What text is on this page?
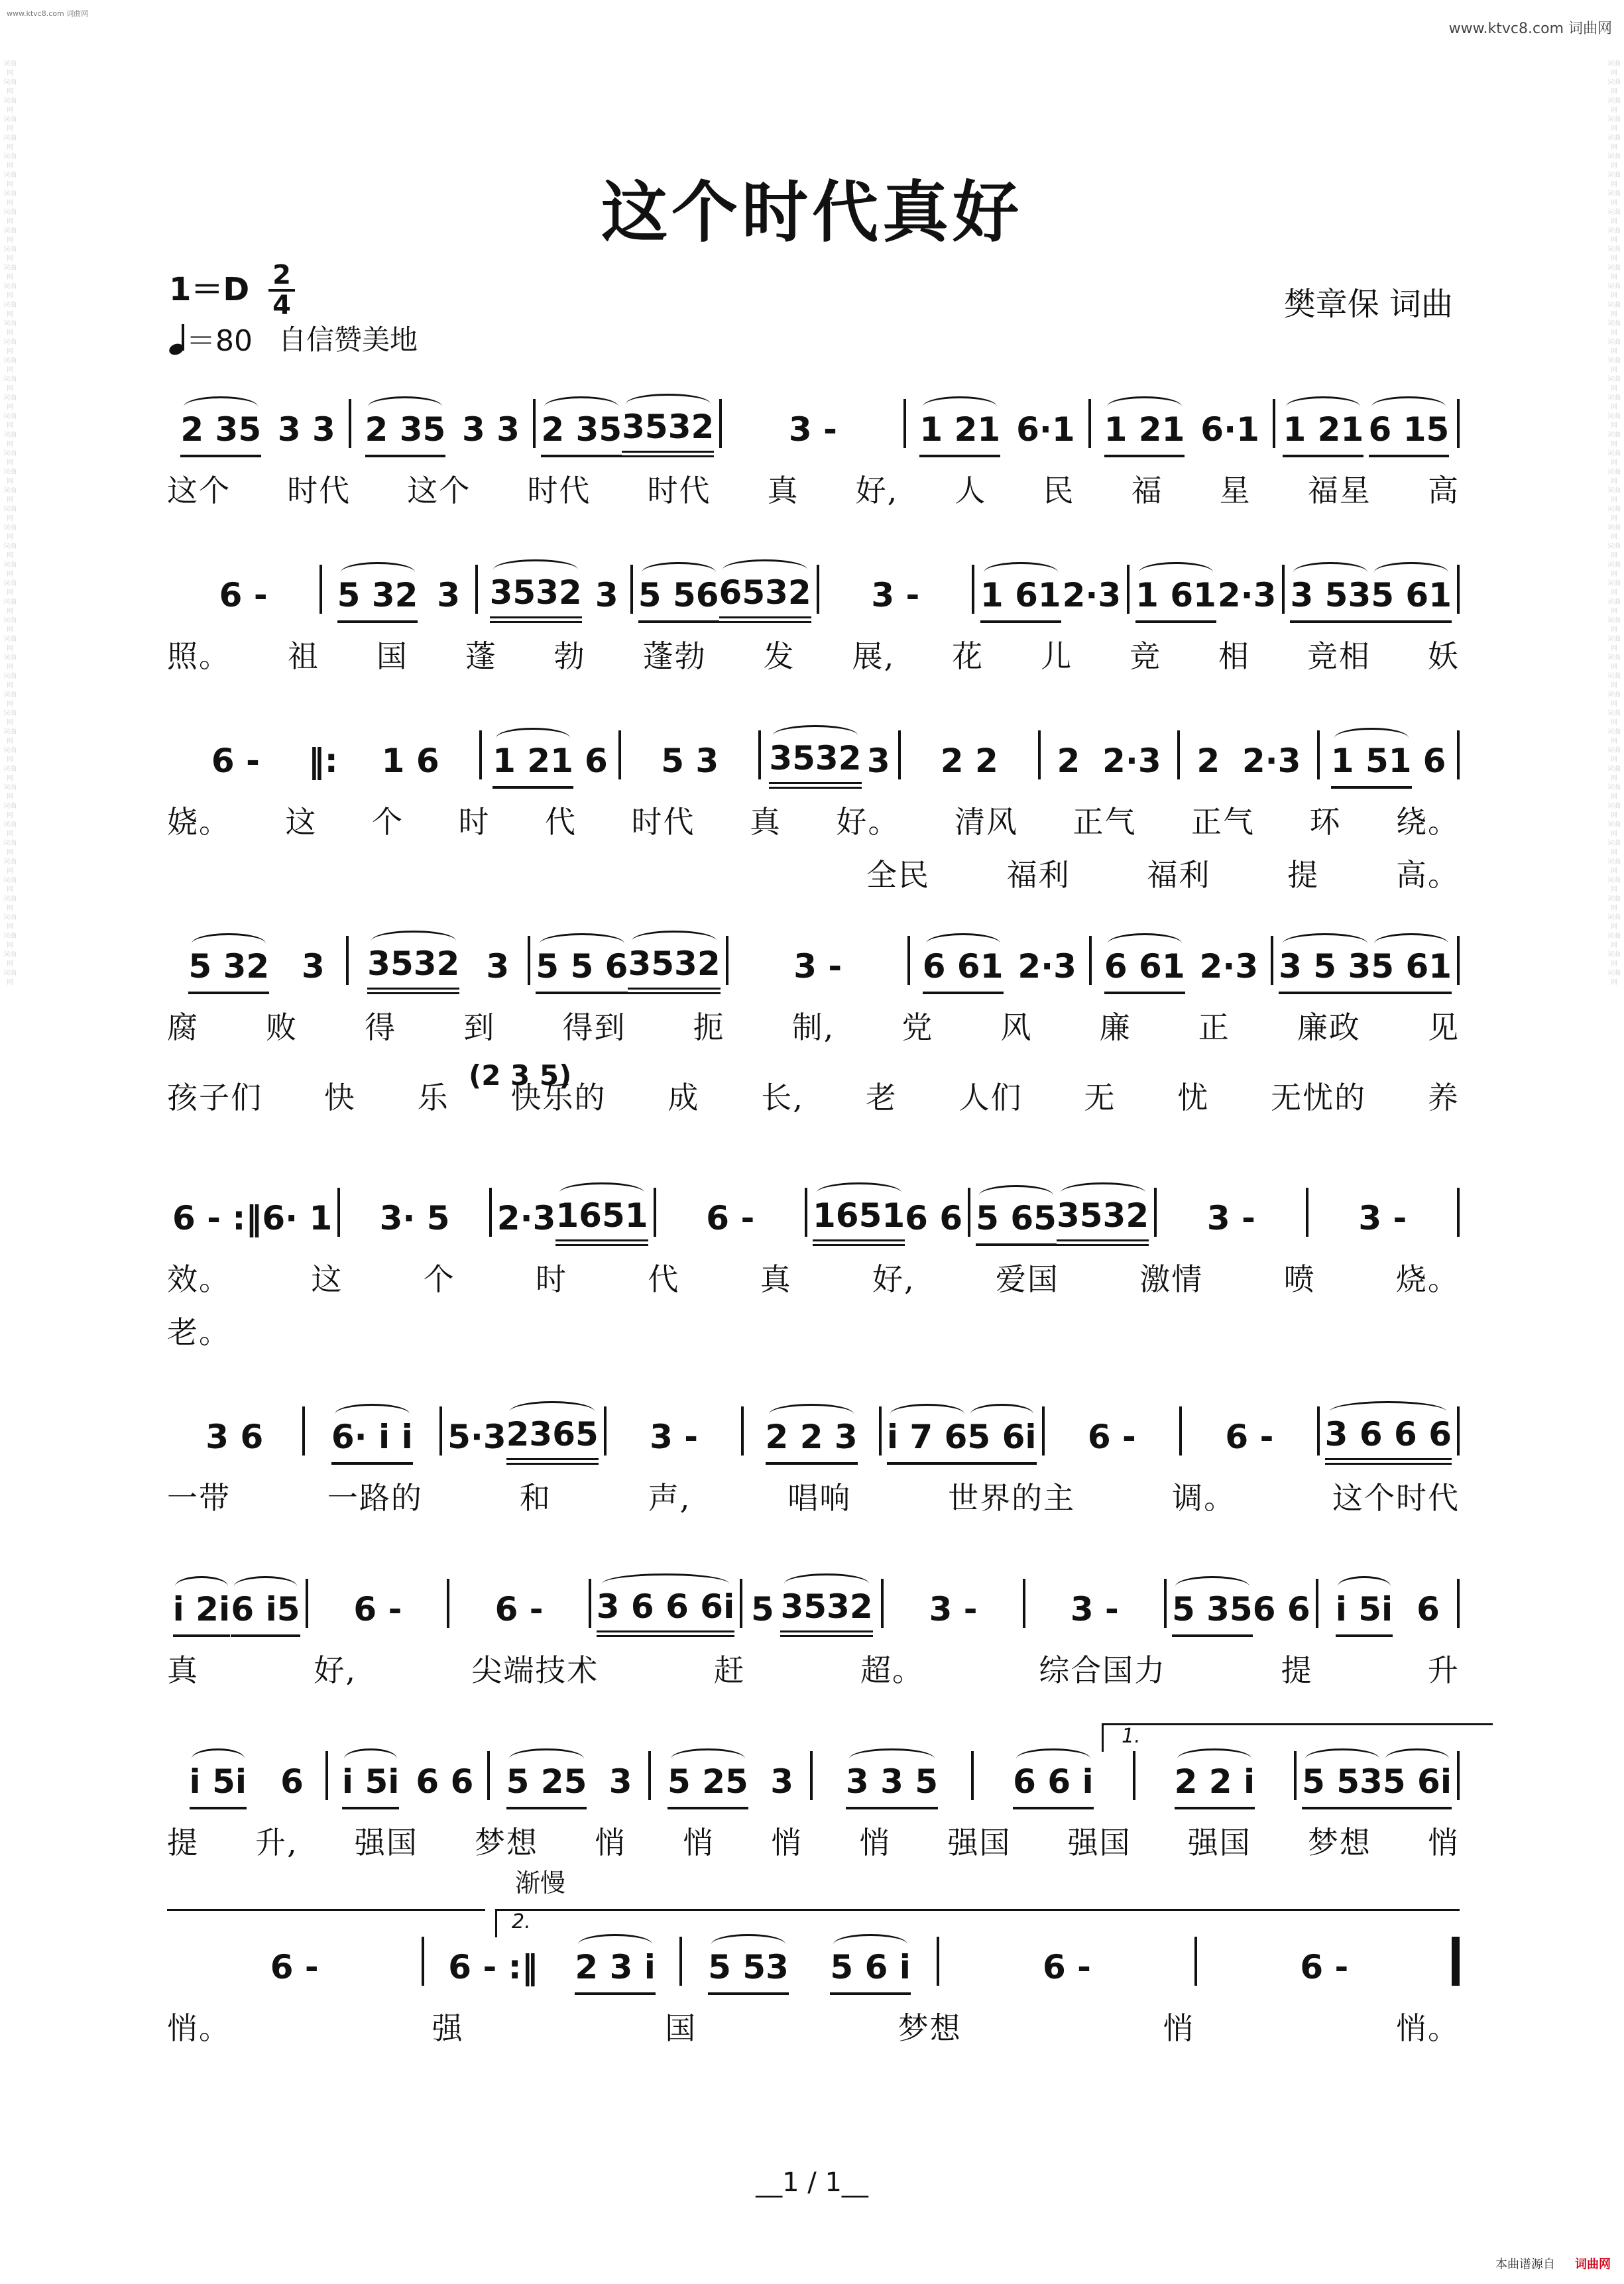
www.ktvc8.com 词曲网
www.ktvc8.com 词曲网
词曲网 词曲网 词曲网 词曲网 词曲网 词曲网 词曲网 词曲网 词曲网 词曲网 词曲网 词曲网 词曲网 词曲网 词曲网 词曲网 词曲网 词曲网 词曲网 词曲网 词曲网 词曲网 词曲网 词曲网 词曲网 词曲网 词曲网 词曲网 词曲网 词曲网 词曲网 词曲网 词曲网 词曲网 词曲网 词曲网 词曲网 词曲网 词曲网 词曲网 词曲网 词曲网 词曲网 词曲网 词曲网 词曲网 词曲网 词曲网 词曲网 词曲网
词曲网 词曲网 词曲网 词曲网 词曲网 词曲网 词曲网 词曲网 词曲网 词曲网 词曲网 词曲网 词曲网 词曲网 词曲网 词曲网 词曲网 词曲网 词曲网 词曲网 词曲网 词曲网 词曲网 词曲网 词曲网 词曲网 词曲网 词曲网 词曲网 词曲网 词曲网 词曲网 词曲网 词曲网 词曲网 词曲网 词曲网 词曲网 词曲网 词曲网 词曲网 词曲网 词曲网 词曲网 词曲网 词曲网 词曲网 词曲网 词曲网 词曲网
这个时代真好
1＝D 2
4
＝80 自信赞美地
樊章保 词曲
2 35 3 3 2 35 3 3 2 35 3532 3 - 1 21 6·1 1 21 6·1 1 21 6 15
这个 时代 这个 时代 时代 真 好, 人 民 福 星 福星 高
6 - 5 32 3 3532 3 5 56 6532 3 - 1 61 2·3 1 61 2·3 3 53 5 61
照。 祖 国 蓬 勃 蓬勃 发 展, 花 儿 竞 相 竞相 妖
6 - ‖: 1 6 1 21 6 5 3 3532 3 2 2 2 2·3 2 2·3 1 51 6
娆。 这 个 时 代 时代 真 好。 清风 正气 正气 环 绕。
全民	福利	福利	提	高。
5 32 3 3532 3 5 5 6 3532 3 - 6 61 2·3 6 61 2·3 3 5 3 5 61
腐 败 得 到 得到 扼 制, 党 风 廉 正 廉政 见
(2 3 5)
孩子们 快 乐 快乐的 成 长, 老 人们 无 忧 无忧的 养
6 - :‖ 6· 1 3· 5 2·3 1651 6 - 1651 6 6 5 65 3532 3 -	3 -
效。	这	个	时	代	真	好,	爱国	激情	喷	烧。
老。
3 6 6· i i 5·3 2365 3 - 2 2 3 i 7 6 5 6i 6 -	6 - 3 6 6 6
一带	一路的	和	声,	唱响	世界的主	调。	这个时代
i 2i 6 i5 6 -	6 - 3 6 6 6i 5 3532 3 -	3 - 5 35 6 6 i 5i 6
真	好,	尖端技术	赶	超。	综合国力	提	升
i 5i 6 i 5i 6 6 5 25 3 5 25 3 3 3 5 6 6 i 2 2 i 5 53 5 6i
1.
提 升, 强国 梦想 悄 悄 悄 悄 强国 强国 强国 梦想 悄
6 -	6 - :‖ 2 3 i 5 53 5 6 i	6 -	6 -
2.
渐慢
悄。	强	国	梦想	悄	悄。
__1 / 1__
本曲谱源自 词曲网
